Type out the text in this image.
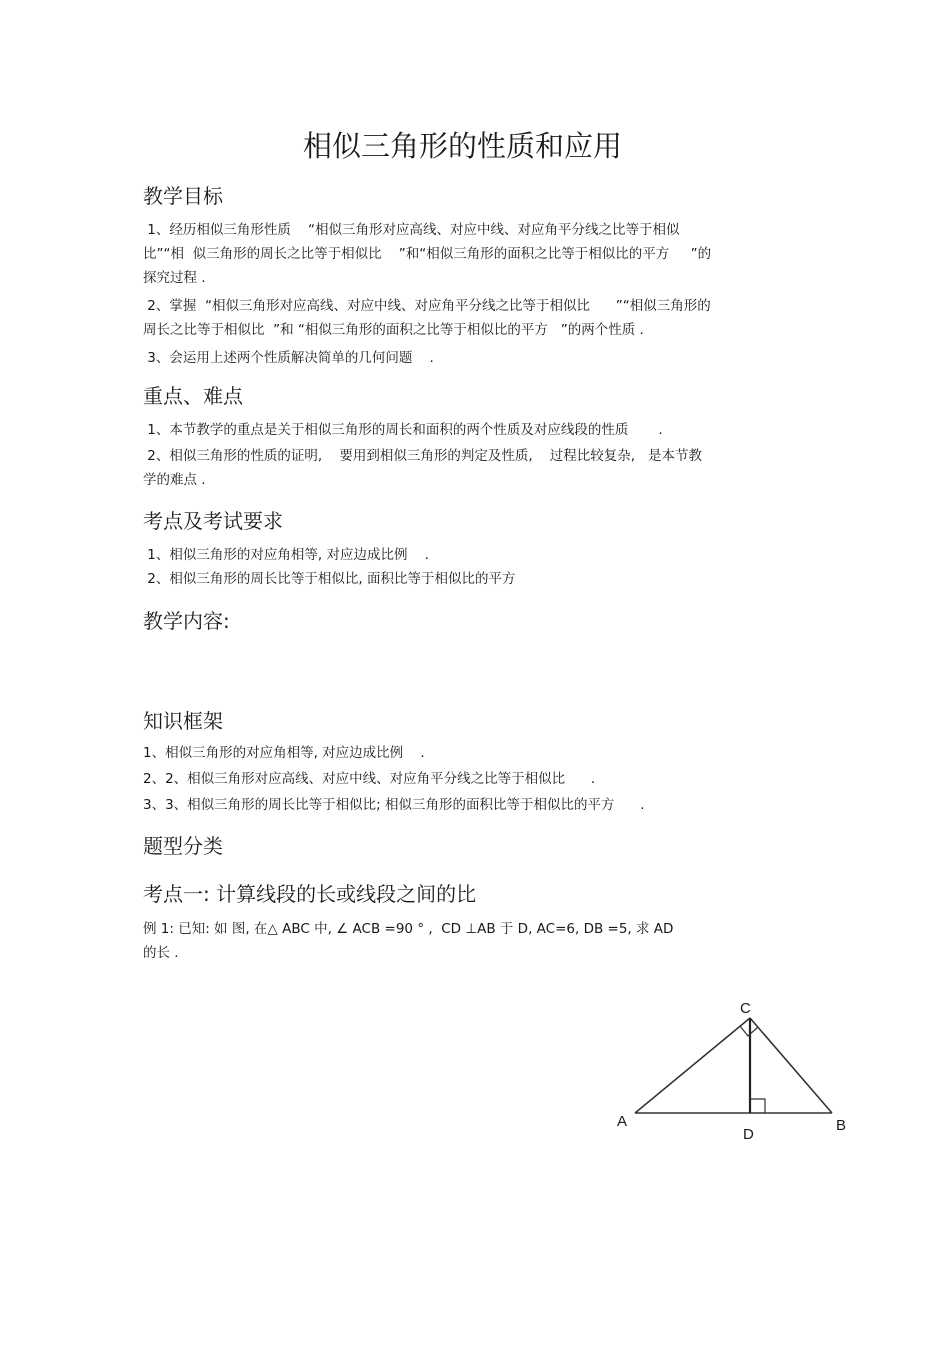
相似三角形的性质和应用
教学目标
1、经历相似三角形性质    “相似三角形对应高线、对应中线、对应角平分线之比等于相似
比”“相  似三角形的周长之比等于相似比    ”和“相似三角形的面积之比等于相似比的平方     ”的
探究过程 .
2、掌握  “相似三角形对应高线、对应中线、对应角平分线之比等于相似比      ”“相似三角形的
周长之比等于相似比  ”和 “相似三角形的面积之比等于相似比的平方   ”的两个性质 .
3、会运用上述两个性质解决简单的几何问题    .
重点、难点
1、本节教学的重点是关于相似三角形的周长和面积的两个性质及对应线段的性质       .
2、相似三角形的性质的证明,    要用到相似三角形的判定及性质,    过程比较复杂,   是本节教
学的难点 .
考点及考试要求
1、相似三角形的对应角相等, 对应边成比例    .
2、相似三角形的周长比等于相似比, 面积比等于相似比的平方
教学内容:
知识框架
1、相似三角形的对应角相等, 对应边成比例    .
2、2、相似三角形对应高线、对应中线、对应角平分线之比等于相似比      .
3、3、相似三角形的周长比等于相似比; 相似三角形的面积比等于相似比的平方      .
题型分类
考点一: 计算线段的长或线段之间的比
例 1: 已知: 如 图, 在△ ABC 中, ∠ ACB =90 ° ,  CD ⊥AB 于 D, AC=6, DB =5, 求 AD
的长 .
C
A
D
B
